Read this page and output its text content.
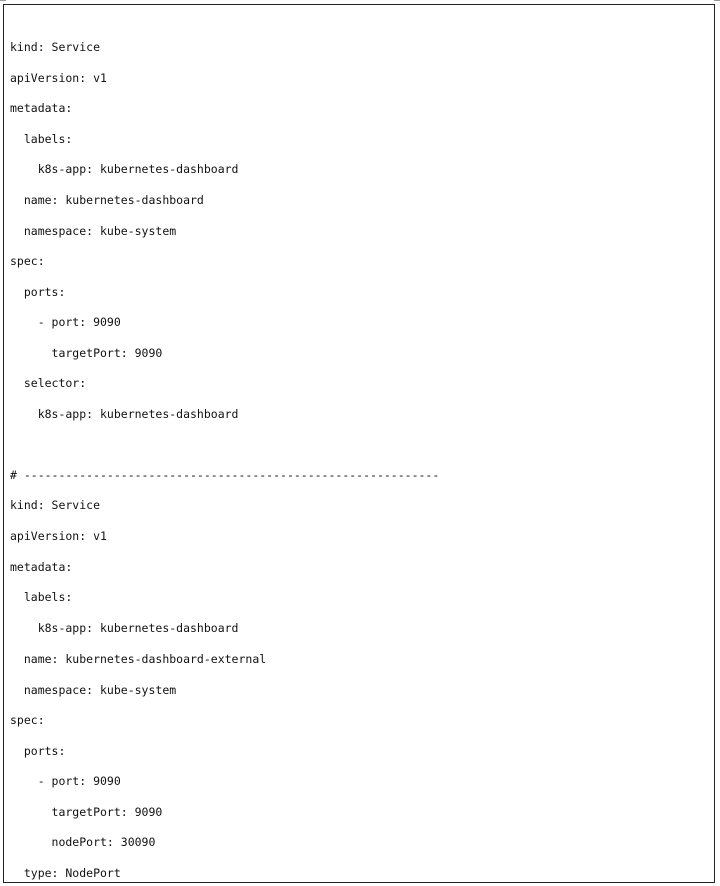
kind: Service
apiVersion: v1
metadata:
labels:
k8s-app: kubernetes-dashboard
name: kubernetes-dashboard
namespace: kube-system
spec:
ports:
- port: 9090
targetPort: 9090
selector:
k8s-app: kubernetes-dashboard
# ------------------------------------------------------------
kind: Service
apiVersion: v1
metadata:
labels:
k8s-app: kubernetes-dashboard
name: kubernetes-dashboard-external
namespace: kube-system
spec:
ports:
- port: 9090
targetPort: 9090
nodePort: 30090
type: NodePort
